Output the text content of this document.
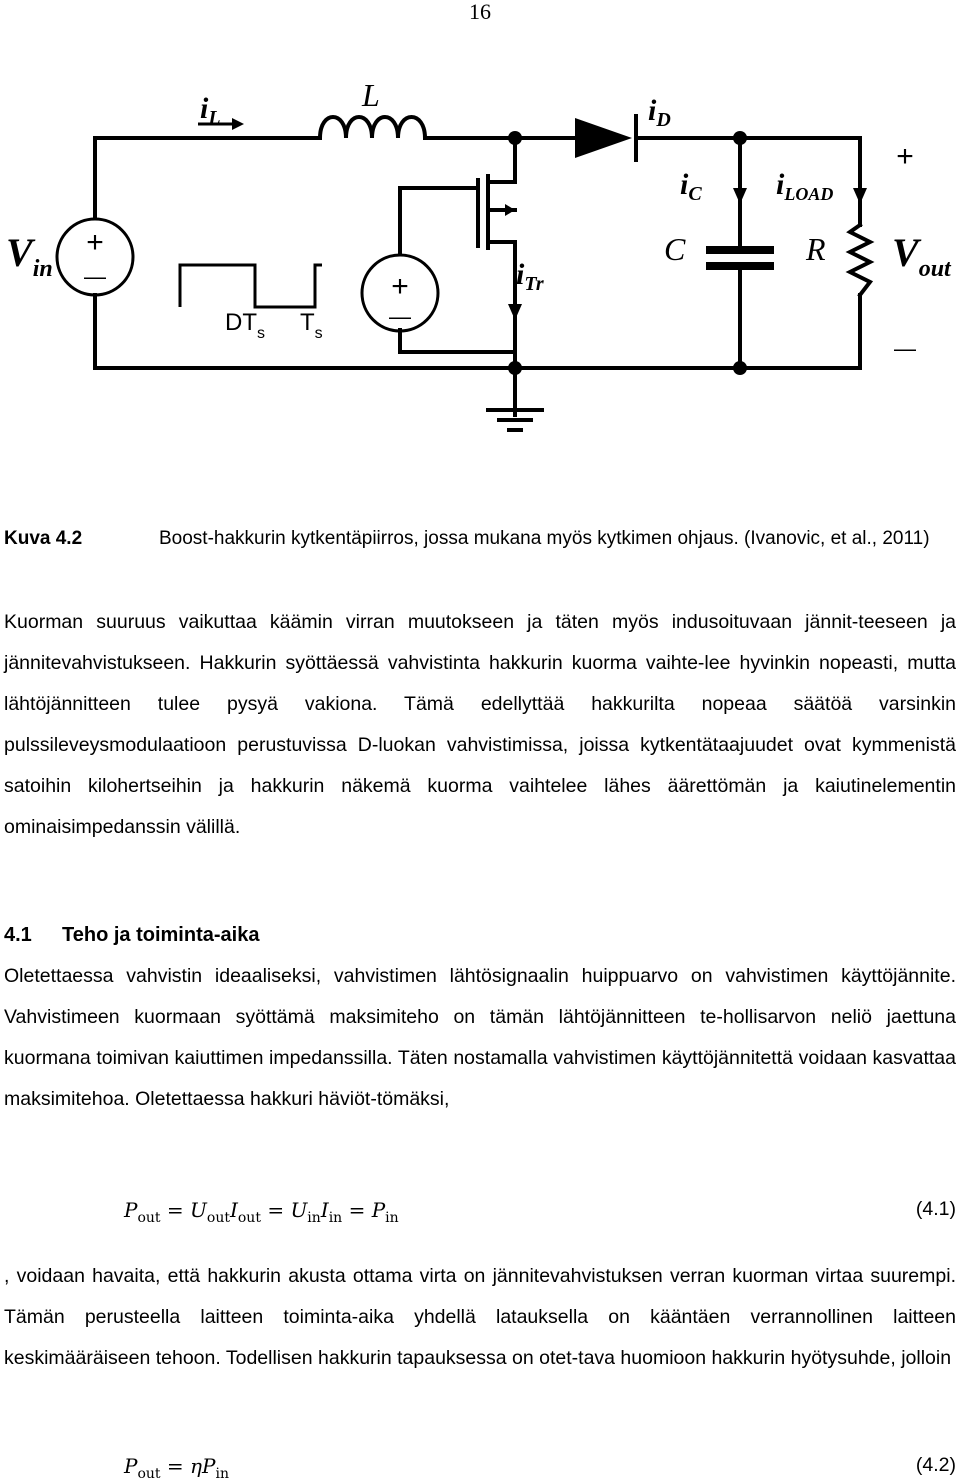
16
+
—	+
—
$DT_s$ $T_s$
$i_L$
L	$i_D$
$i_C$ $i_{LOAD}$
C	R
$V_{in}$	$V_{out}$
$i_{Tr}$
+
—
Kuva 4.2	Boost-hakkurin kytkentäpiirros, jossa mukana myös kytkimen ohjaus. (Ivanovic, et al., 2011)

Kuorman suuruus vaikuttaa käämin virran muutokseen ja täten myös indusoituvaan jännit-teeseen ja jännitevahvistukseen. Hakkurin syöttäessä vahvistinta hakkurin kuorma vaihte-lee hyvinkin nopeasti, mutta lähtöjännitteen tulee pysyä vakiona. Tämä edellyttää hakkurilta nopeaa säätöä varsinkin pulssileveysmodulaatioon perustuvissa D-luokan vahvistimissa, joissa kytkentätaajuudet ovat kymmenistä satoihin kilohertseihin ja hakkurin näkemä kuorma vaihtelee lähes äärettömän ja kaiutinelementin ominaisimpedanssin välillä.

4.1 Teho ja toiminta-aika

Oletettaessa vahvistin ideaaliseksi, vahvistimen lähtösignaalin huippuarvo on vahvistimen käyttöjännite. Vahvistimeen kuormaan syöttämä maksimiteho on tämän lähtöjännitteen te-hollisarvon neliö jaettuna kuormana toimivan kaiuttimen impedanssilla. Täten nostamalla vahvistimen käyttöjännitettä voidaan kasvattaa maksimitehoa. Oletettaessa hakkuri häviöt-tömäksi,

$P_{out} = U_{out}I_{out} = U_{in}I_{in} = P_{in}$	(4.1)

, voidaan havaita, että hakkurin akusta ottama virta on jännitevahvistuksen verran kuorman virtaa suurempi. Tämän perusteella laitteen toiminta-aika yhdellä latauksella on kääntäen verrannollinen laitteen keskimääräiseen tehoon. Todellisen hakkurin tapauksessa on otet-tava huomioon hakkurin hyötysuhde, jolloin

$P_{out} = \eta P_{in}$	(4.2)
